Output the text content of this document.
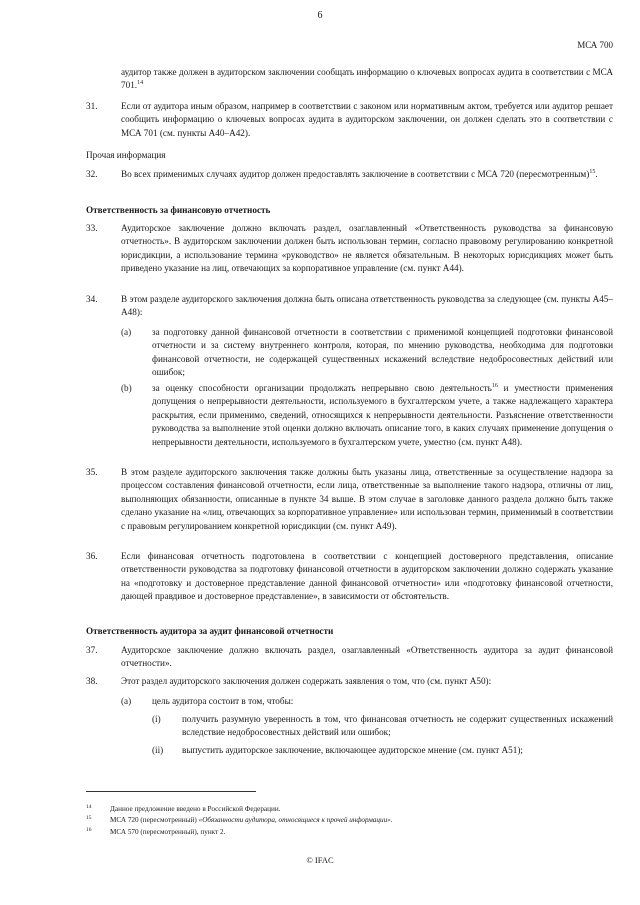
6
МСА 700
аудитор также должен в аудиторском заключении сообщать информацию о ключевых вопросах аудита в соответствии с МСА 701.14
31.	Если от аудитора иным образом, например в соответствии с законом или нормативным актом, требуется или аудитор решает сообщить информацию о ключевых вопросах аудита в аудиторском заключении, он должен сделать это в соответствии с МСА 701 (см. пункты А40–А42).
Прочая информация
32.	Во всех применимых случаях аудитор должен предоставлять заключение в соответствии с МСА 720 (пересмотренным)$^{15}$.
Ответственность за финансовую отчетность
33.	Аудиторское заключение должно включать раздел, озаглавленный «Ответственность руководства за финансовую отчетность». В аудиторском заключении должен быть использован термин, согласно правовому регулированию конкретной юрисдикции, а использование термина «руководство» не является обязательным. В некоторых юрисдикциях может быть приведено указание на лиц, отвечающих за корпоративное управление (см. пункт А44).
34.	В этом разделе аудиторского заключения должна быть описана ответственность руководства за следующее (см. пункты А45–А48):
(a) за подготовку данной финансовой отчетности в соответствии с применимой концепцией подготовки финансовой отчетности и за систему внутреннего контроля, которая, по мнению руководства, необходима для подготовки финансовой отчетности, не содержащей существенных искажений вследствие недобросовестных действий или ошибок;
(b) за оценку способности организации продолжать непрерывно свою деятельность$^{16}$ и уместности применения допущения о непрерывности деятельности, используемого в бухгалтерском учете, а также надлежащего характера раскрытия, если применимо, сведений, относящихся к непрерывности деятельности. Разъяснение ответственности руководства за выполнение этой оценки должно включать описание того, в каких случаях применение допущения о непрерывности деятельности, используемого в бухгалтерском учете, уместно (см. пункт А48).
35.	В этом разделе аудиторского заключения также должны быть указаны лица, ответственные за осуществление надзора за процессом составления финансовой отчетности, если лица, ответственные за выполнение такого надзора, отличны от лиц, выполняющих обязанности, описанные в пункте 34 выше. В этом случае в заголовке данного раздела должно быть также сделано указание на «лиц, отвечающих за корпоративное управление» или использован термин, применимый в соответствии с правовым регулированием конкретной юрисдикции (см. пункт А49).
36.	Если финансовая отчетность подготовлена в соответствии с концепцией достоверного представления, описание ответственности руководства за подготовку финансовой отчетности в аудиторском заключении должно содержать указание на «подготовку и достоверное представление данной финансовой отчетности» или «подготовку финансовой отчетности, дающей правдивое и достоверное представление», в зависимости от обстоятельств.
Ответственность аудитора за аудит финансовой отчетности
37.	Аудиторское заключение должно включать раздел, озаглавленный «Ответственность аудитора за аудит финансовой отчетности».
38.	Этот раздел аудиторского заключения должен содержать заявления о том, что (см. пункт А50):
(a) цель аудитора состоит в том, чтобы:
(i) получить разумную уверенность в том, что финансовая отчетность не содержит существенных искажений вследствие недобросовестных действий или ошибок;
(ii) выпустить аудиторское заключение, включающее аудиторское мнение (см. пункт А51);
14	Данное предложение введено в Российской Федерации.
15	МСА 720 (пересмотренный) «Обязанности аудитора, относящиеся к прочей информации».
16	МСА 570 (пересмотренный), пункт 2.
© IFAC
